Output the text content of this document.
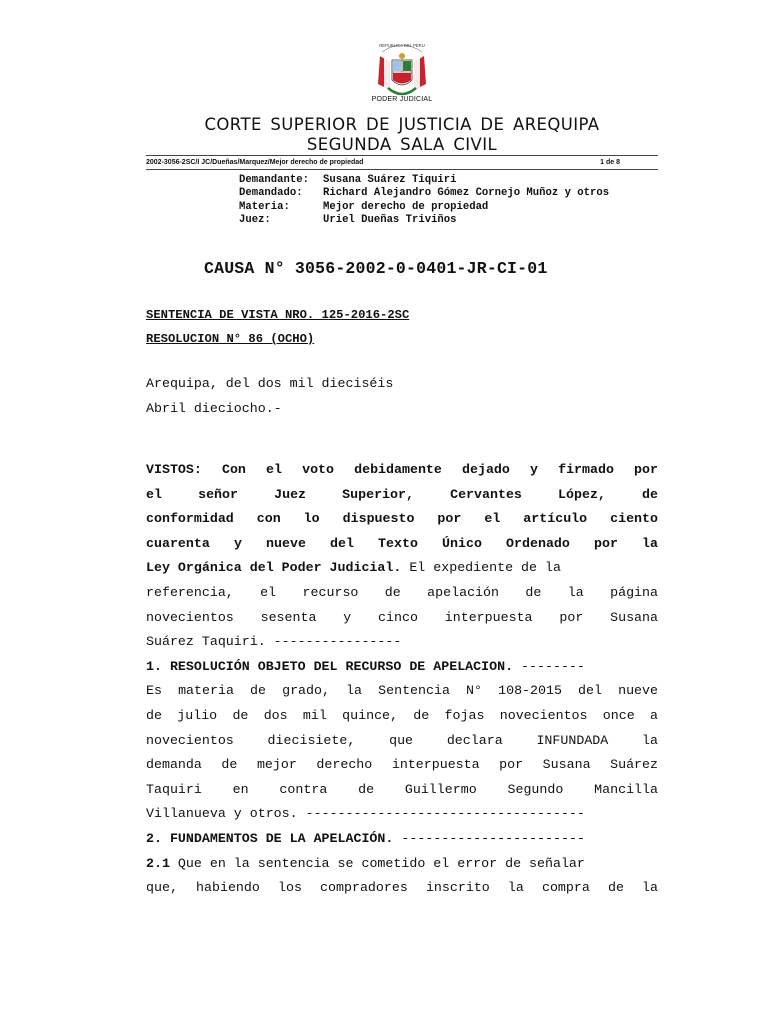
REPUBLICA DEL PERU
PODER JUDICIAL
CORTE SUPERIOR DE JUSTICIA DE AREQUIPA
SEGUNDA SALA CIVIL
2002-3056-2SC/I JC/Dueñas/Marquez/Mejor derecho de propiedad	1 de 8
Demandante: Susana Suárez Tiquiri
Demandado: Richard Alejandro Gómez Cornejo Muñoz y otros
Materia:	Mejor derecho de propiedad
Juez:	Uriel Dueñas Triviños
CAUSA N° 3056-2002-0-0401-JR-CI-01
SENTENCIA DE VISTA NRO. 125-2016-2SC
RESOLUCION N° 86 (OCHO)
Arequipa, del dos mil dieciséis
Abril dieciocho.-
VISTOS: Con el voto debidamente dejado y firmado por
el señor Juez Superior, Cervantes López, de
conformidad con lo dispuesto por el artículo ciento
cuarenta y nueve del Texto Único Ordenado por la
Ley Orgánica del Poder Judicial. El expediente de la
referencia, el recurso de apelación de la página
novecientos sesenta y cinco interpuesta por Susana
Suárez Taquiri. ----------------
1. RESOLUCIÓN OBJETO DEL RECURSO DE APELACION. --------
Es materia de grado, la Sentencia N° 108-2015 del nueve
de julio de dos mil quince, de fojas novecientos once a
novecientos diecisiete, que declara INFUNDADA la
demanda de mejor derecho interpuesta por Susana Suárez
Taquiri en contra de Guillermo Segundo Mancilla
Villanueva y otros. -----------------------------------
2. FUNDAMENTOS DE LA APELACIÓN. -----------------------
2.1 Que en la sentencia se cometido el error de señalar
que, habiendo los compradores inscrito la compra de la
